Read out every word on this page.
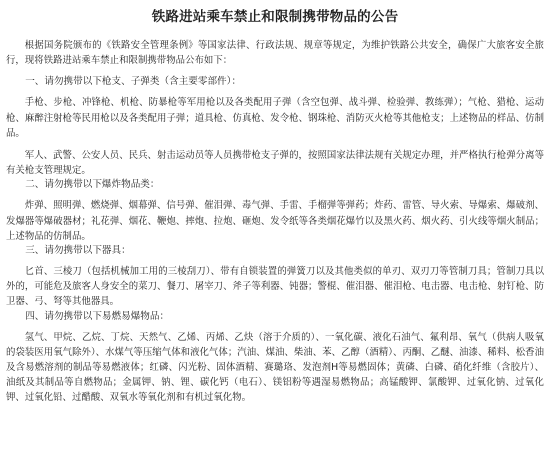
铁路进站乘车禁止和限制携带物品的公告

根据国务院颁布的《铁路安全管理条例》等国家法律、行政法规、规章等规定，为维护铁路公共安全，确保广大旅客安全旅行，现将铁路进站乘车禁止和限制携带物品公布如下：

一、请勿携带以下枪支、子弹类（含主要零部件）：

手枪、步枪、冲锋枪、机枪、防暴枪等军用枪以及各类配用子弹（含空包弹、战斗弹、检验弹、教练弹）；气枪、猎枪、运动枪、麻醉注射枪等民用枪以及各类配用子弹；道具枪、仿真枪、发令枪、钢珠枪、消防灭火枪等其他枪支；上述物品的样品、仿制品。

军人、武警、公安人员、民兵、射击运动员等人员携带枪支子弹的，按照国家法律法规有关规定办理，并严格执行枪弹分离等有关枪支管理规定。

二、请勿携带以下爆炸物品类：

炸弹、照明弹、燃烧弹、烟幕弹、信号弹、催泪弹、毒气弹、手雷、手榴弹等弹药；炸药、雷管、导火索、导爆索、爆破剂、发爆器等爆破器材；礼花弹、烟花、鞭炮、摔炮、拉炮、砸炮、发令纸等各类烟花爆竹以及黑火药、烟火药、引火线等烟火制品；上述物品的仿制品。

三、请勿携带以下器具：

匕首、三棱刀（包括机械加工用的三棱刮刀）、带有自锁装置的弹簧刀以及其他类似的单刃、双刃刀等管制刀具；管制刀具以外的，可能危及旅客人身安全的菜刀、餐刀、屠宰刀、斧子等利器、钝器；警棍、催泪器、催泪枪、电击器、电击枪、射钉枪、防卫器、弓、弩等其他器具。

四、请勿携带以下易燃易爆物品：

氢气、甲烷、乙烷、丁烷、天然气、乙烯、丙烯、乙炔（溶于介质的）、一氧化碳、液化石油气、氟利昂、氧气（供病人吸氧的袋装医用氧气除外）、水煤气等压缩气体和液化气体；汽油、煤油、柴油、苯、乙醇（酒精）、丙酮、乙醚、油漆、稀料、松香油及含易燃溶剂的制品等易燃液体；红磷、闪光粉、固体酒精、赛璐珞、发泡剂H等易燃固体；黄磷、白磷、硝化纤维（含胶片）、油纸及其制品等自燃物品；金属钾、钠、锂、碳化钙（电石）、镁铝粉等遇湿易燃物品；高锰酸钾、氯酸钾、过氧化钠、过氧化钾、过氧化铅、过醋酸、双氧水等氧化剂和有机过氧化物。
